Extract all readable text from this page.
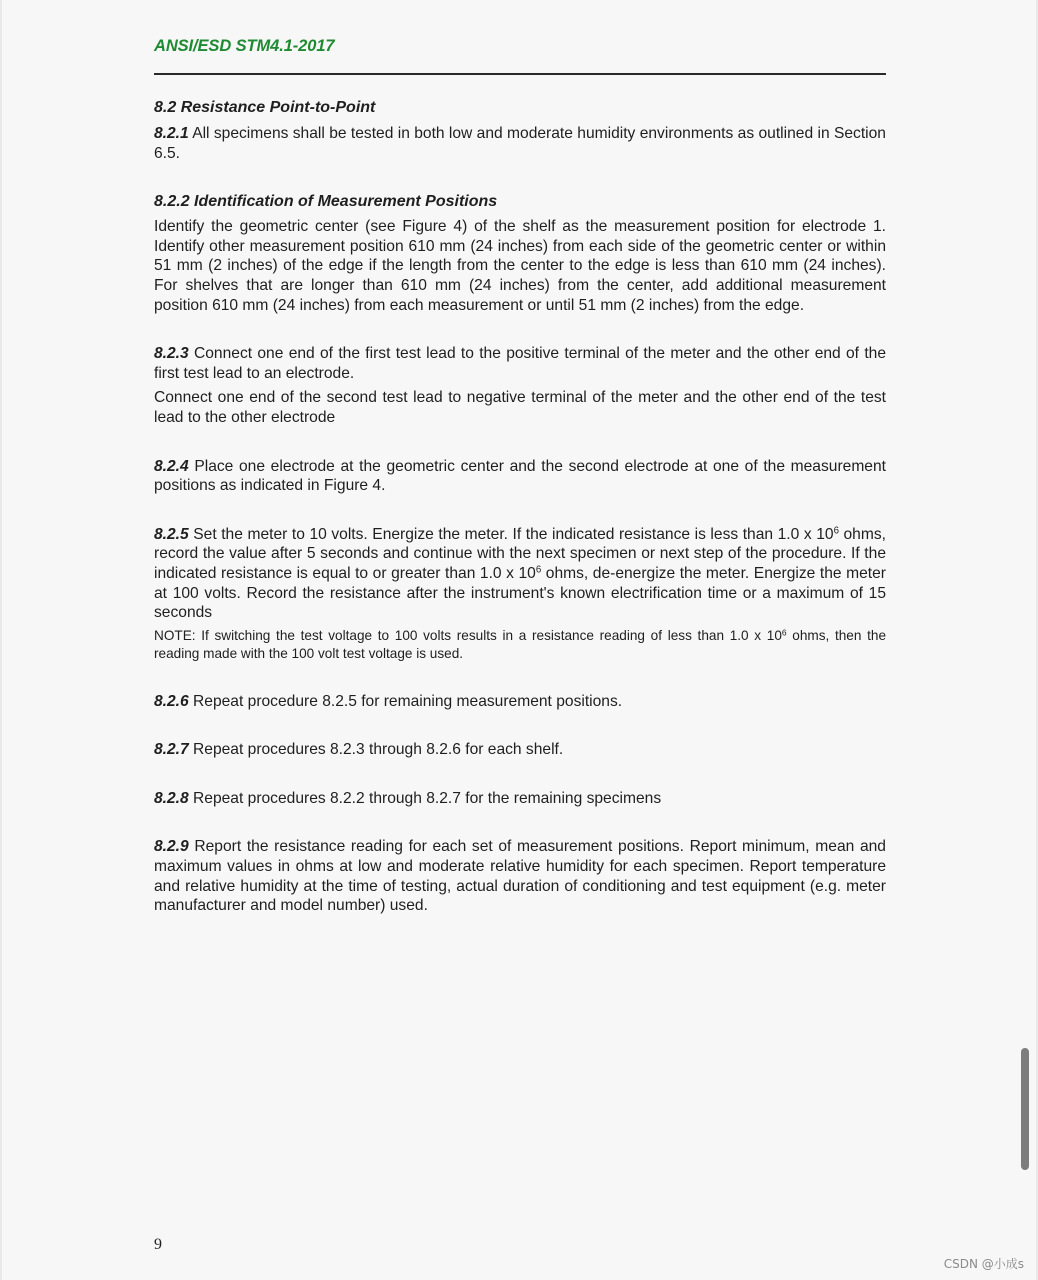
ANSI/ESD STM4.1-2017
8.2 Resistance Point-to-Point

8.2.1 All specimens shall be tested in both low and moderate humidity environments as outlined in Section 6.5.

8.2.2 Identification of Measurement Positions

Identify the geometric center (see Figure 4) of the shelf as the measurement position for electrode 1. Identify other measurement position 610 mm (24 inches) from each side of the geometric center or within 51 mm (2 inches) of the edge if the length from the center to the edge is less than 610 mm (24 inches). For shelves that are longer than 610 mm (24 inches) from the center, add additional measurement position 610 mm (24 inches) from each measurement or until 51 mm (2 inches) from the edge.

8.2.3 Connect one end of the first test lead to the positive terminal of the meter and the other end of the first test lead to an electrode.

Connect one end of the second test lead to negative terminal of the meter and the other end of the test lead to the other electrode

8.2.4 Place one electrode at the geometric center and the second electrode at one of the measurement positions as indicated in Figure 4.

8.2.5 Set the meter to 10 volts. Energize the meter. If the indicated resistance is less than 1.0 x $10^6$ ohms, record the value after 5 seconds and continue with the next specimen or next step of the procedure. If the indicated resistance is equal to or greater than 1.0 x $10^6$ ohms, de-energize the meter. Energize the meter at 100 volts. Record the resistance after the instrument's known electrification time or a maximum of 15 seconds

NOTE: If switching the test voltage to 100 volts results in a resistance reading of less than 1.0 x $10^6$ ohms, then the reading made with the 100 volt test voltage is used.

8.2.6 Repeat procedure 8.2.5 for remaining measurement positions.

8.2.7 Repeat procedures 8.2.3 through 8.2.6 for each shelf.

8.2.8 Repeat procedures 8.2.2 through 8.2.7 for the remaining specimens

8.2.9 Report the resistance reading for each set of measurement positions. Report minimum, mean and maximum values in ohms at low and moderate relative humidity for each specimen. Report temperature and relative humidity at the time of testing, actual duration of conditioning and test equipment (e.g. meter manufacturer and model number) used.

9
CSDN @小成s
